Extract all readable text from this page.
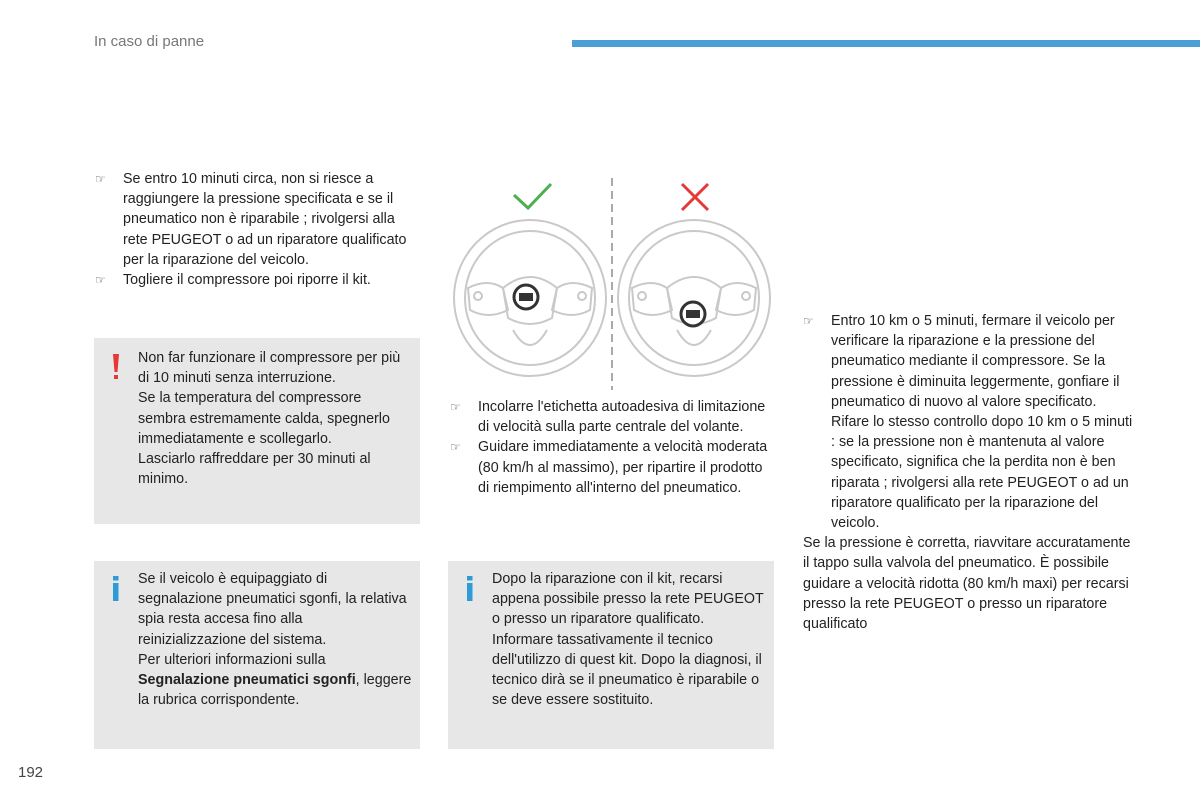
In caso di panne
☞	Se entro 10 minuti circa, non si riesce a raggiungere la pressione specificata e se il pneumatico non è riparabile ; rivolgersi alla rete PEUGEOT o ad un riparatore qualificato per la riparazione del veicolo.
☞	Togliere il compressore poi riporre il kit.
Non far funzionare il compressore per più di 10 minuti senza interruzione.
Se la temperatura del compressore sembra estremamente calda, spegnerlo immediatamente e scollegarlo.
Lasciarlo raffreddare per 30 minuti al minimo.
Se il veicolo è equipaggiato di segnalazione pneumatici sgonfi, la relativa spia resta accesa fino alla reinizializzazione del sistema.
Per ulteriori informazioni sulla Segnalazione pneumatici sgonfi, leggere la rubrica corrispondente.
☞	Incolarre l'etichetta autoadesiva di limitazione di velocità sulla parte centrale del volante.
☞	Guidare immediatamente a velocità moderata (80 km/h al massimo), per ripartire il prodotto di riempimento all'interno del pneumatico.
Dopo la riparazione con il kit, recarsi appena possibile presso la rete PEUGEOT o presso un riparatore qualificato.
Informare tassativamente il tecnico dell'utilizzo di quest kit. Dopo la diagnosi, il tecnico dirà se il pneumatico è riparabile o se deve essere sostituito.
☞	Entro 10 km o 5 minuti, fermare il veicolo per verificare la riparazione e la pressione del pneumatico mediante il compressore. Se la pressione è diminuita leggermente, gonfiare il pneumatico di nuovo al valore specificato. Rifare lo stesso controllo dopo 10 km o 5 minuti : se la pressione non è mantenuta al valore specificato, significa che la perdita non è ben riparata ; rivolgersi alla rete PEUGEOT o ad un riparatore qualificato per la riparazione del veicolo.
Se la pressione è corretta, riavvitare accuratamente il tappo sulla valvola del pneumatico. È possibile guidare a velocità ridotta (80 km/h maxi) per recarsi presso la rete PEUGEOT o presso un riparatore qualificato
192
